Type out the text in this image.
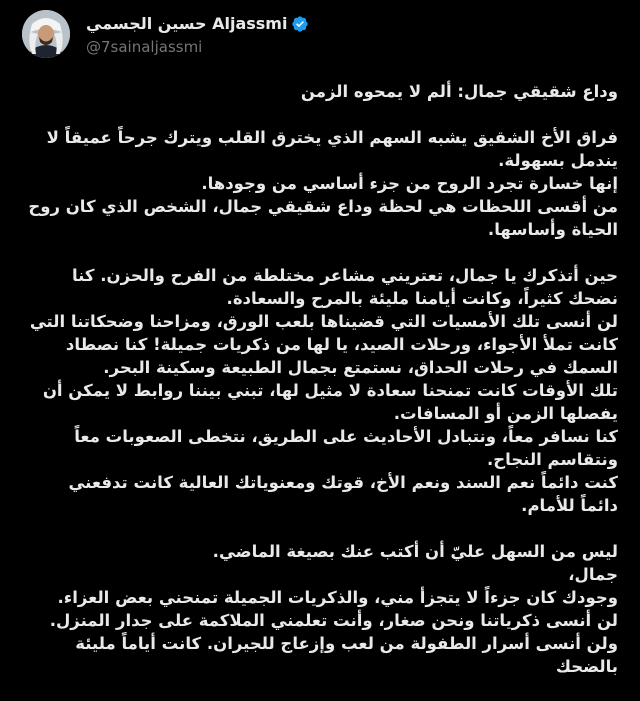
حسين الجسمي Aljassmi
@7sainaljassmi

وداع شقيقي جمال: ألم لا يمحوه الزمن

فراق الأخ الشقيق يشبه السهم الذي يخترق القلب ويترك جرحاً عميقاً لا يندمل بسهولة.

إنها خسارة تجرد الروح من جزء أساسي من وجودها.

من أقسى اللحظات هي لحظة وداع شقيقي جمال، الشخص الذي كان روح الحياة وأساسها.

حين أتذكرك يا جمال، تعتريني مشاعر مختلطة من الفرح والحزن. كنا نضحك كثيراً، وكانت أيامنا مليئة بالمرح والسعادة.

لن أنسى تلك الأمسيات التي قضيناها بلعب الورق، ومزاحنا وضحكاتنا التي كانت تملأ الأجواء، ورحلات الصيد، يا لها من ذكريات جميلة! كنا نصطاد السمك في رحلات الحداق، نستمتع بجمال الطبيعة وسكينة البحر.

تلك الأوقات كانت تمنحنا سعادة لا مثيل لها، تبني بيننا روابط لا يمكن أن يفصلها الزمن أو المسافات.

كنا نسافر معاً، ونتبادل الأحاديث على الطريق، نتخطى الصعوبات معاً ونتقاسم النجاح.

كنت دائماً نعم السند ونعم الأخ، قوتك ومعنوياتك العالية كانت تدفعني دائماً للأمام.

ليس من السهل عليّ أن أكتب عنك بصيغة الماضي.

جمال،

وجودك كان جزءاً لا يتجزأ مني، والذكريات الجميلة تمنحني بعض العزاء.

لن أنسى ذكرياتنا ونحن صغار، وأنت تعلمني الملاكمة على جدار المنزل.

ولن أنسى أسرار الطفولة من لعب وإزعاج للجيران. كانت أياماً مليئة بالضحك
